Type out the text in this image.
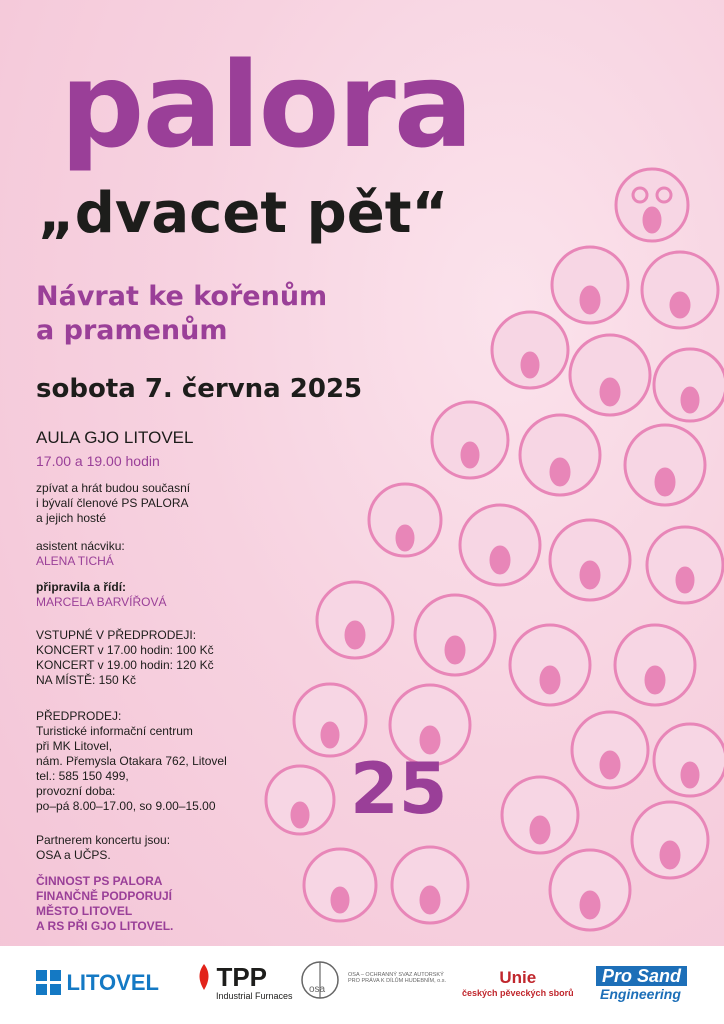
palora
„dvacet pět“
Návrat ke kořenům
a pramenům
sobota 7. června 2025
AULA GJO LITOVEL
17.00 a 19.00 hodin
zpívat a hrát budou současní
i bývalí členové PS PALORA
a jejich hosté
asistent nácviku:
ALENA TICHÁ
připravila a řídí:
MARCELA BARVÍŘOVÁ
VSTUPNÉ V PŘEDPRODEJI:
KONCERT v 17.00 hodin: 100 Kč
KONCERT v 19.00 hodin: 120 Kč
NA MÍSTĚ: 150 Kč
PŘEDPRODEJ:
Turistické informační centrum
při MK Litovel,
nám. Přemysla Otakara 762, Litovel
tel.: 585 150 499,
provozní doba:
po–pá 8.00–17.00, so 9.00–15.00
Partnerem koncertu jsou:
OSA a UČPS.
ČINNOST PS PALORA
FINANČNĚ PODPORUJÍ
MĚSTO LITOVEL
A RS PŘI GJO LITOVEL.
25
LITOVEL	TPP
Industrial Furnaces
osa
OSA – OCHRANNÝ SVAZ AUTORSKÝ
PRO PRÁVA K DÍLŮM HUDEBNÍM, o.s.	Unie
českých pěveckých sborů
Pro Sand
Engineering
